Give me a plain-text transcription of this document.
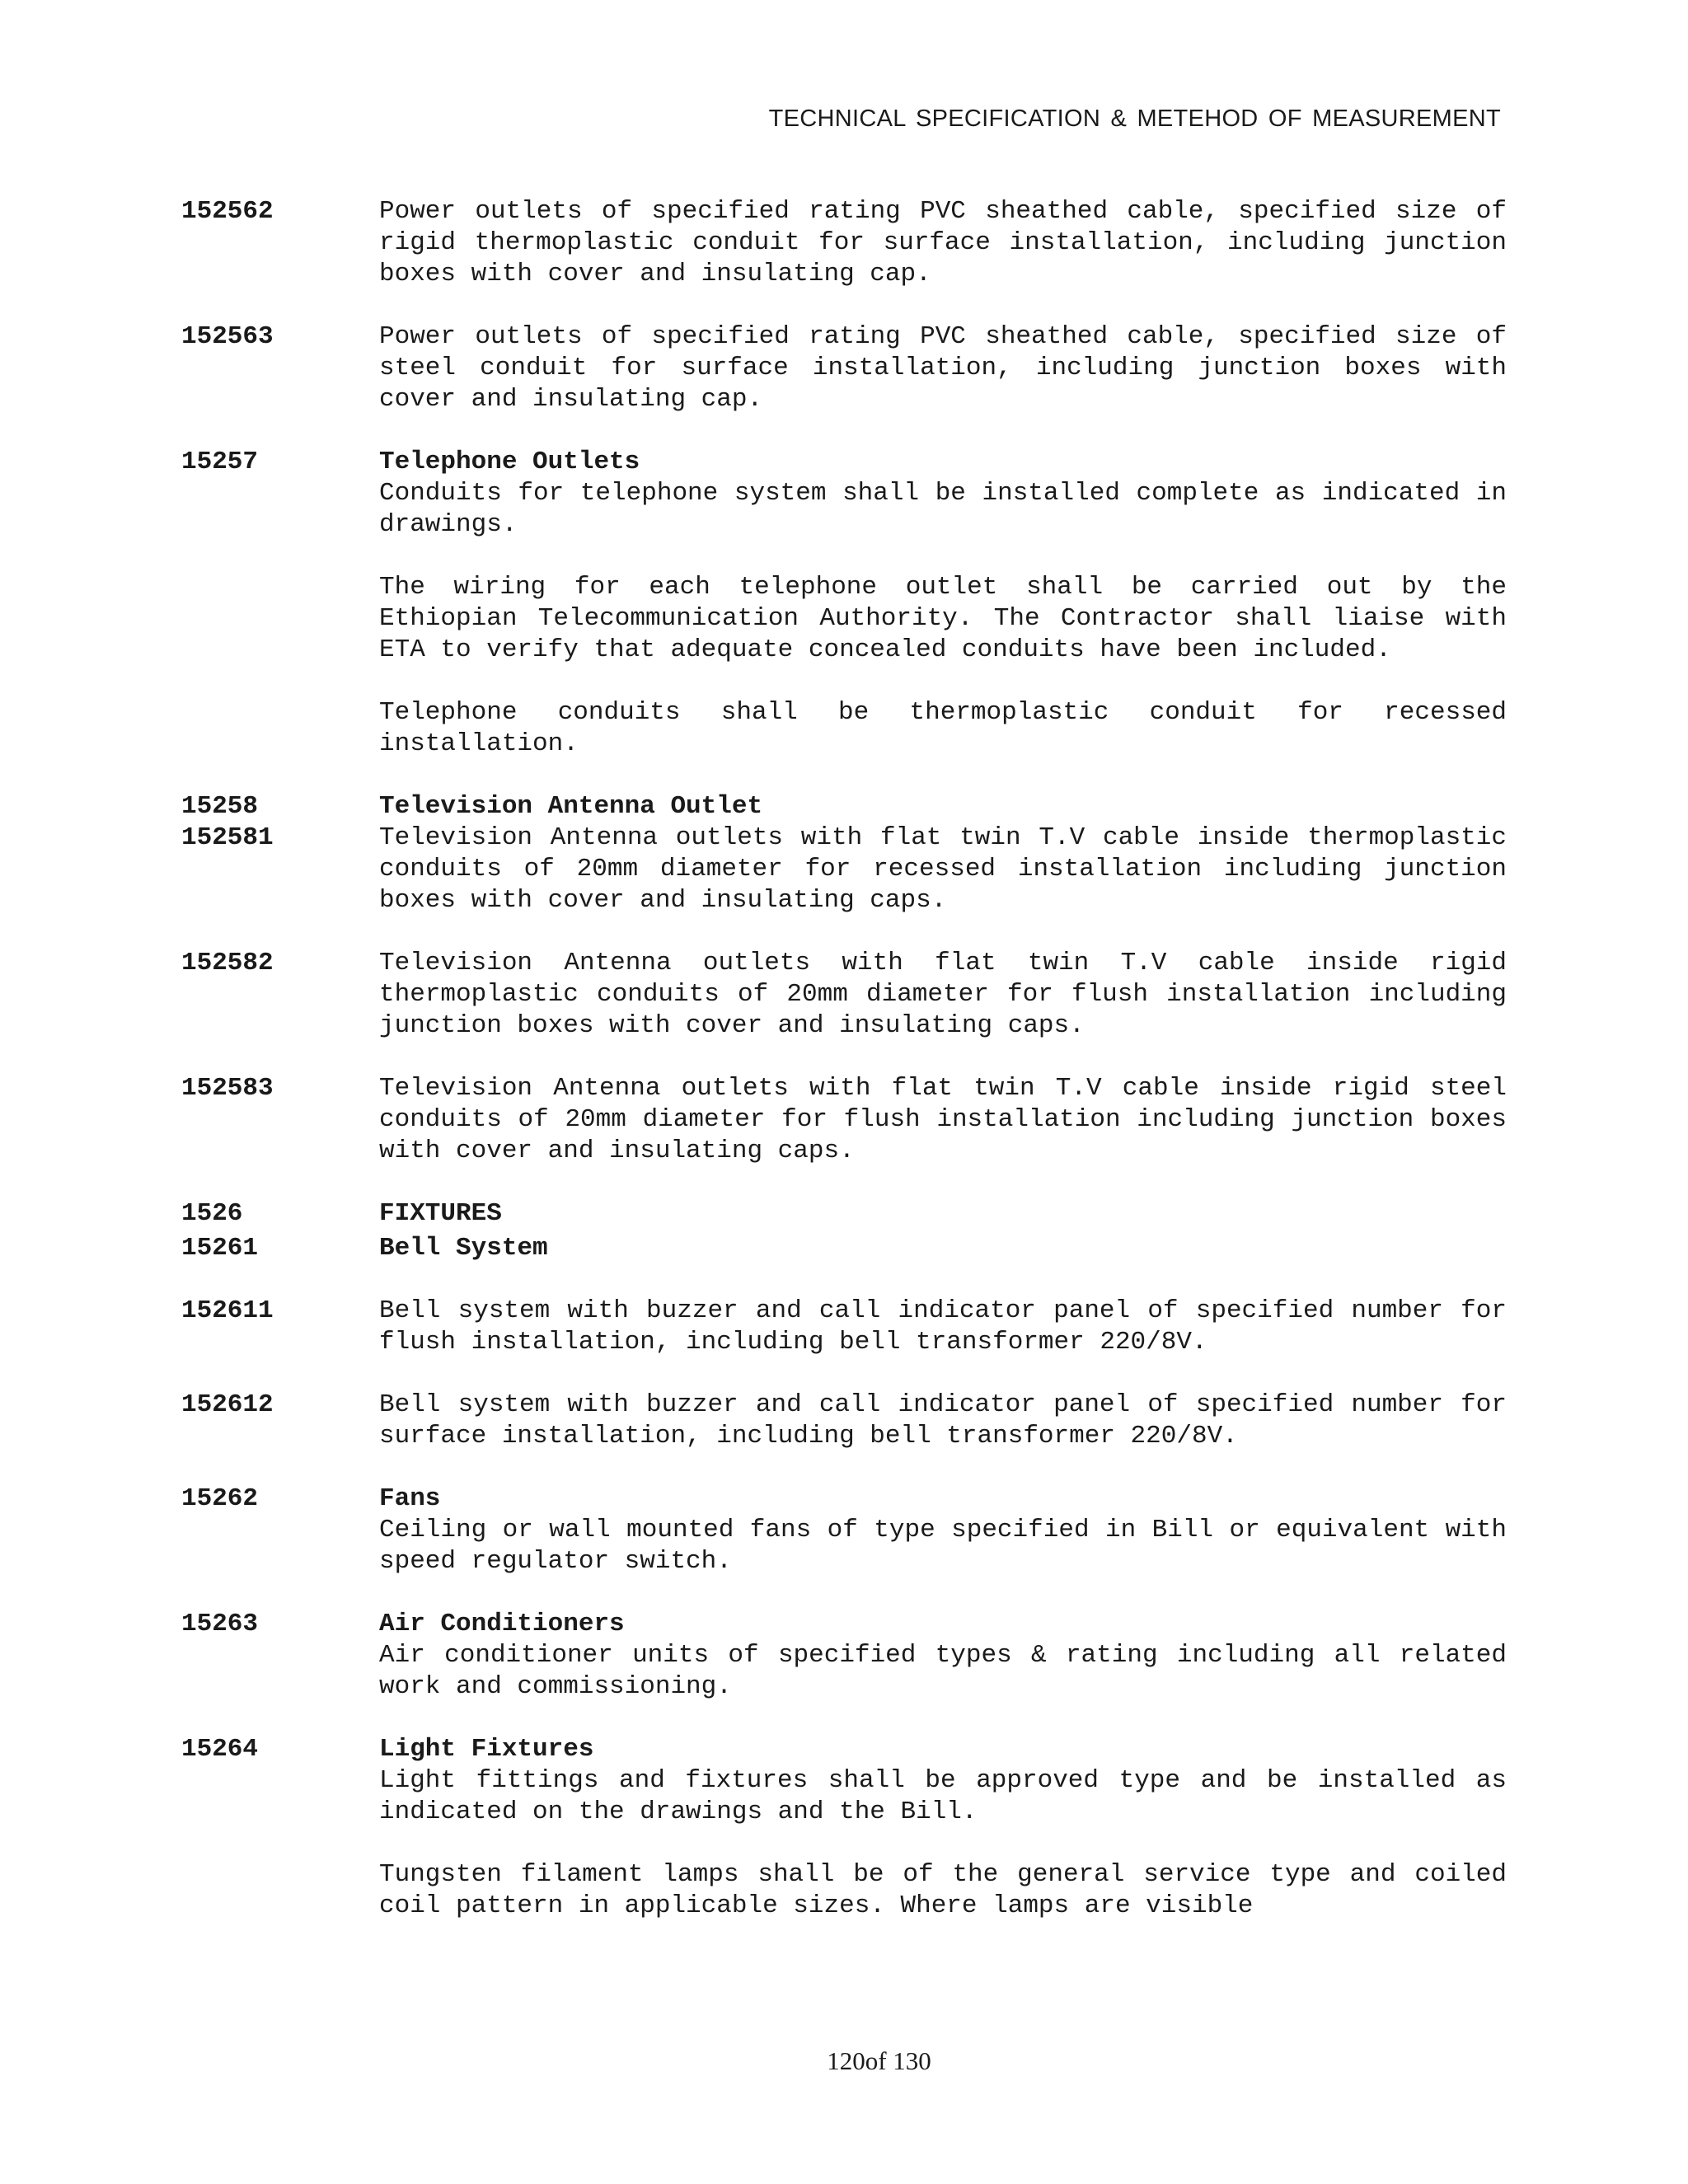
TECHNICAL SPECIFICATION & METEHOD OF MEASUREMENT
152562	Power outlets of specified rating PVC sheathed cable, specified size of rigid thermoplastic conduit for surface installation, including junction boxes with cover and insulating cap.

152563	Power outlets of specified rating PVC sheathed cable, specified size of steel conduit for surface installation, including junction boxes with cover and insulating cap.

15257	Telephone Outlets

Conduits for telephone system shall be installed complete as indicated in drawings.

The wiring for each telephone outlet shall be carried out by the Ethiopian Telecommunication Authority. The Contractor shall liaise with ETA to verify that adequate concealed conduits have been included.

Telephone conduits shall be thermoplastic conduit for recessed installation.

15258	Television Antenna Outlet
152581	Television Antenna outlets with flat twin T.V cable inside thermoplastic conduits of 20mm diameter for recessed installation including junction boxes with cover and insulating caps.

152582	Television Antenna outlets with flat twin T.V cable inside rigid thermoplastic conduits of 20mm diameter for flush installation including junction boxes with cover and insulating caps.

152583	Television Antenna outlets with flat twin T.V cable inside rigid steel conduits of 20mm diameter for flush installation including junction boxes with cover and insulating caps.

1526	FIXTURES
15261	Bell System
152611	Bell system with buzzer and call indicator panel of specified number for flush installation, including bell transformer 220/8V.

152612	Bell system with buzzer and call indicator panel of specified number for surface installation, including bell transformer 220/8V.

15262	Fans

Ceiling or wall mounted fans of type specified in Bill or equivalent with speed regulator switch.

15263	Air Conditioners

Air conditioner units of specified types & rating including all related work and commissioning.

15264	Light Fixtures

Light fittings and fixtures shall be approved type and be installed as indicated on the drawings and the Bill.

Tungsten filament lamps shall be of the general service type and coiled coil pattern in applicable sizes. Where lamps are visible

120of 130
